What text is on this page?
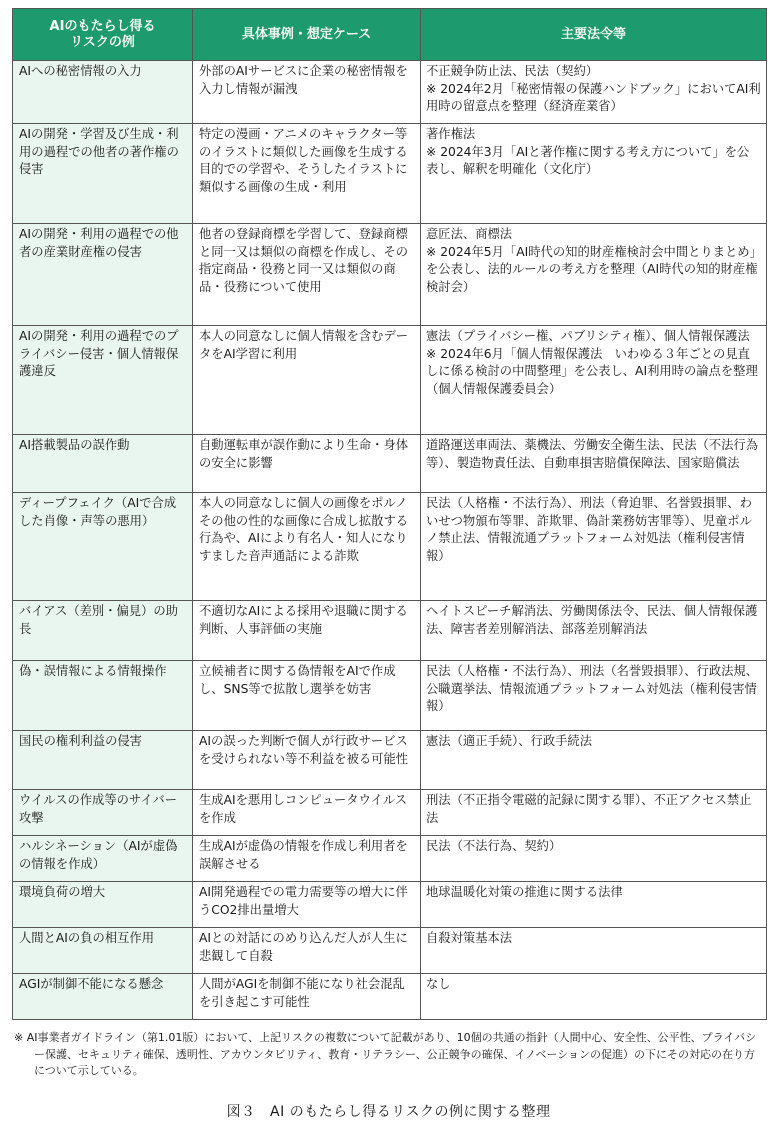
AIのもたらし得る
リスクの例	具体事例・想定ケース	主要法令等
AIへの秘密情報の入力	外部のAIサービスに企業の秘密情報を入力し情報が漏洩	不正競争防止法、民法（契約）
※ 2024年2月「秘密情報の保護ハンドブック」においてAI利用時の留意点を整理（経済産業省）
AIの開発・学習及び生成・利用の過程での他者の著作権の侵害	特定の漫画・アニメのキャラクター等のイラストに類似した画像を生成する目的での学習や、そうしたイラストに類似する画像の生成・利用	著作権法
※ 2024年3月「AIと著作権に関する考え方について」を公表し、解釈を明確化（文化庁）
AIの開発・利用の過程での他者の産業財産権の侵害	他者の登録商標を学習して、登録商標と同一又は類似の商標を作成し、その指定商品・役務と同一又は類似の商品・役務について使用	意匠法、商標法
※ 2024年5月「AI時代の知的財産権検討会中間とりまとめ」を公表し、法的ルールの考え方を整理（AI時代の知的財産権検討会）
AIの開発・利用の過程でのプライバシー侵害・個人情報保護違反	本人の同意なしに個人情報を含むデータをAI学習に利用	憲法（プライバシー権、パブリシティ権）、個人情報保護法
※ 2024年6月「個人情報保護法　いわゆる３年ごとの見直しに係る検討の中間整理」を公表し、AI利用時の論点を整理（個人情報保護委員会）
AI搭載製品の誤作動	自動運転車が誤作動により生命・身体の安全に影響	道路運送車両法、薬機法、労働安全衛生法、民法（不法行為等）、製造物責任法、自動車損害賠償保障法、国家賠償法
ディープフェイク（AIで合成した肖像・声等の悪用）	本人の同意なしに個人の画像をポルノその他の性的な画像に合成し拡散する行為や、AIにより有名人・知人になりすました音声通話による詐欺	民法（人格権・不法行為）、刑法（脅迫罪、名誉毀損罪、わいせつ物頒布等罪、詐欺罪、偽計業務妨害罪等）、児童ポルノ禁止法、情報流通プラットフォーム対処法（権利侵害情報）
バイアス（差別・偏見）の助長	不適切なAIによる採用や退職に関する判断、人事評価の実施	ヘイトスピーチ解消法、労働関係法令、民法、個人情報保護法、障害者差別解消法、部落差別解消法
偽・誤情報による情報操作	立候補者に関する偽情報をAIで作成し、SNS等で拡散し選挙を妨害	民法（人格権・不法行為）、刑法（名誉毀損罪）、行政法規、公職選挙法、情報流通プラットフォーム対処法（権利侵害情報）
国民の権利利益の侵害	AIの誤った判断で個人が行政サービスを受けられない等不利益を被る可能性	憲法（適正手続）、行政手続法
ウイルスの作成等のサイバー攻撃	生成AIを悪用しコンピュータウイルスを作成	刑法（不正指令電磁的記録に関する罪）、不正アクセス禁止法
ハルシネーション（AIが虚偽の情報を作成）	生成AIが虚偽の情報を作成し利用者を誤解させる	民法（不法行為、契約）
環境負荷の増大	AI開発過程での電力需要等の増大に伴うCO2排出量増大	地球温暖化対策の推進に関する法律
人間とAIの負の相互作用	AIとの対話にのめり込んだ人が人生に悲観して自殺	自殺対策基本法
AGIが制御不能になる懸念	人間がAGIを制御不能になり社会混乱を引き起こす可能性	なし
※ AI事業者ガイドライン（第1.01版）において、上記リスクの複数について記載があり、10個の共通の指針（人間中心、安全性、公平性、プライバシー保護、セキュリティ確保、透明性、アカウンタビリティ、教育・リテラシー、公正競争の確保、イノベーションの促進）の下にその対応の在り方について示している。
図３　AI のもたらし得るリスクの例に関する整理
